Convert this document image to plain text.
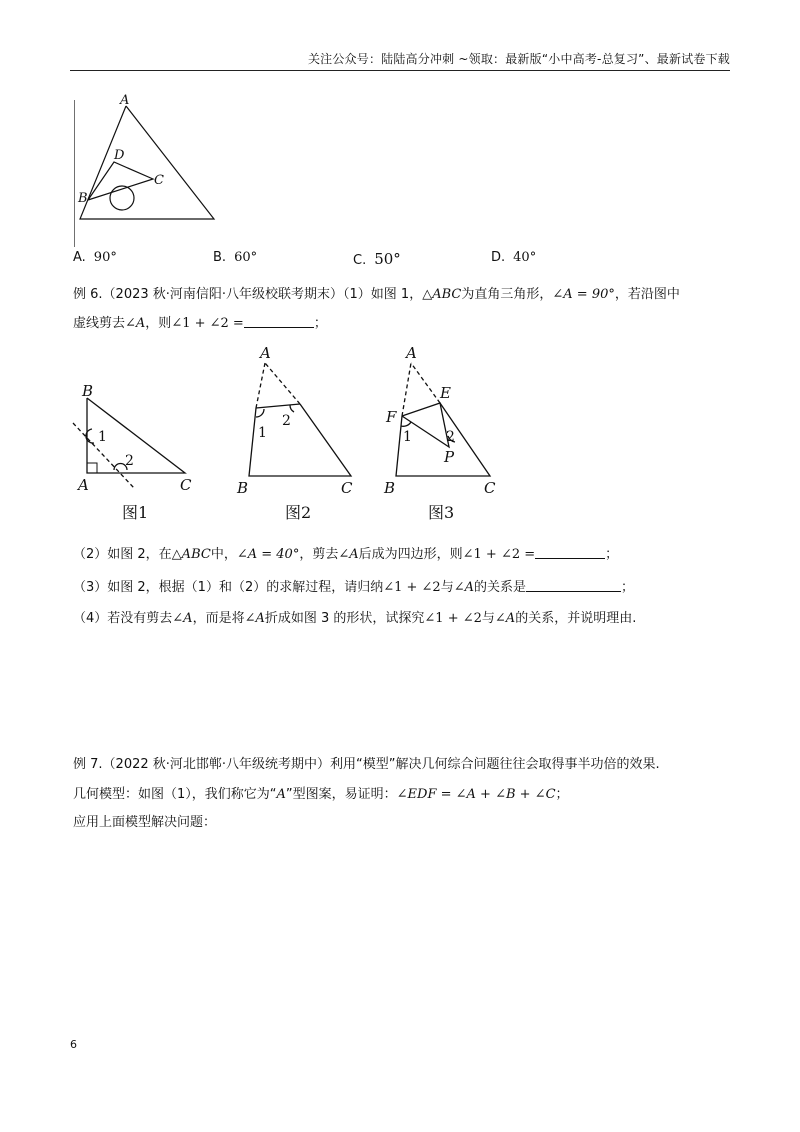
关注公众号：陆陆高分冲刺 ~领取：最新版“小中高考-总复习”、最新试卷下载
A
D
C
B
A. 90°	B. 60°	C. 50°	D. 40°
例 6.（2023 秋·河南信阳·八年级校联考期末）（1）如图 1，△ABC为直角三角形，∠A = 90°，若沿图中
虚线剪去∠A，则∠1 + ∠2 =	；
B
A	C
1
2
图1
A
1
2
B	C
图2
A
E
F
P
1 2
B	C
图3
（2）如图 2，在△ABC中，∠A = 40°，剪去∠A后成为四边形，则∠1 + ∠2 =	；
（3）如图 2，根据（1）和（2）的求解过程，请归纳∠1 + ∠2与∠A的关系是	；
（4）若没有剪去∠A，而是将∠A折成如图 3 的形状，试探究∠1 + ∠2与∠A的关系，并说明理由.
例 7.（2022 秋·河北邯郸·八年级统考期中）利用“模型”解决几何综合问题往往会取得事半功倍的效果.
几何模型：如图（1），我们称它为“A”型图案，易证明：∠EDF = ∠A + ∠B + ∠C；
应用上面模型解决问题：
6
